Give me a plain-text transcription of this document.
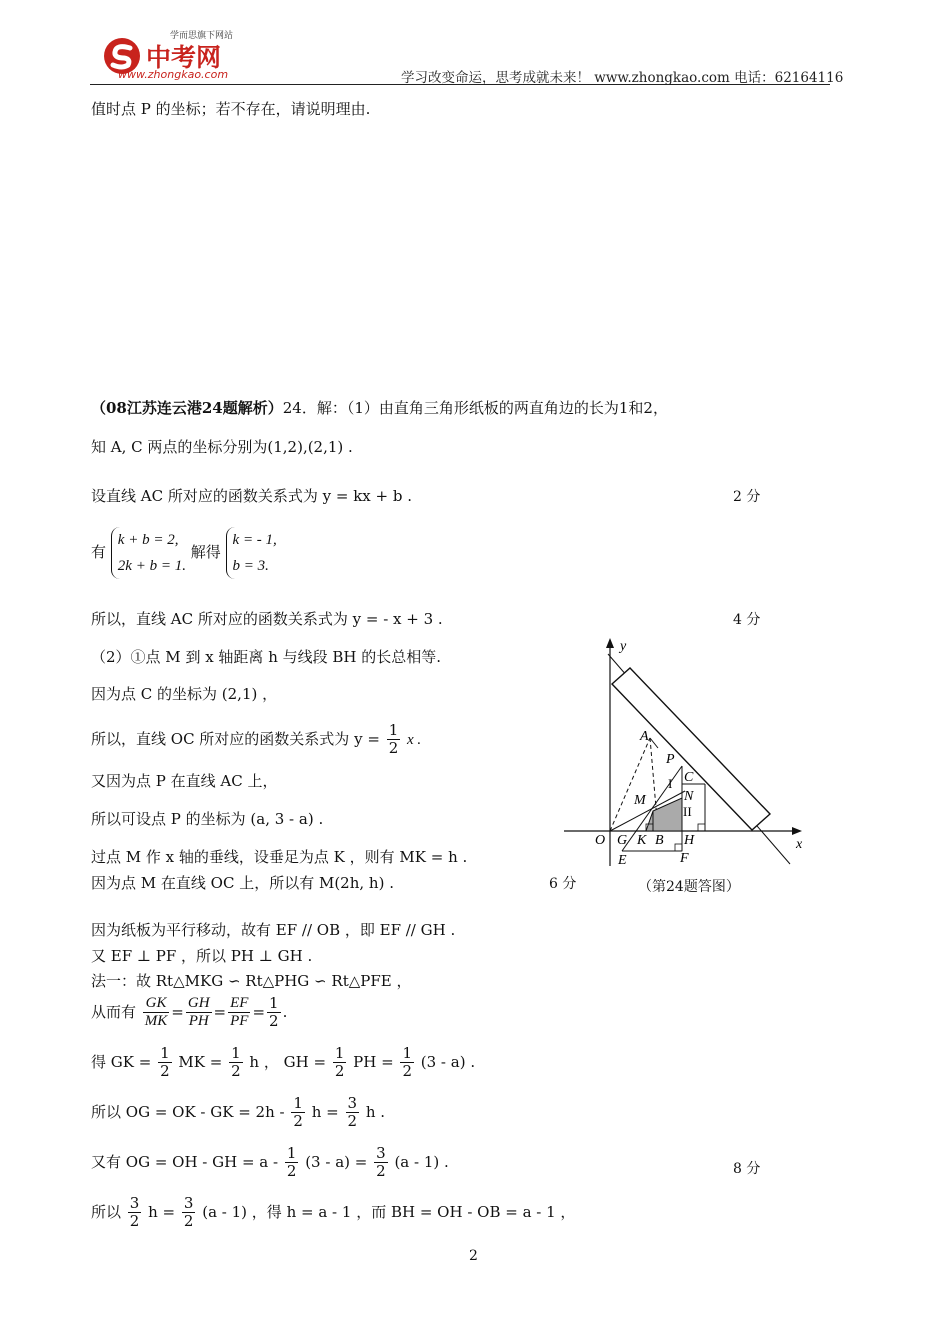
学而思旗下网站
中考网
www.zhongkao.com	学习改变命运，思考成就未来！ www.zhongkao.com 电话：62164116
值时点 P 的坐标；若不存在，请说明理由.
（08江苏连云港24题解析）24．解：（1）由直角三角形纸板的两直角边的长为1和2，
知 A, C 两点的坐标分别为(1,2),(2,1) .
设直线 AC 所对应的函数关系式为 y = kx + b .	2 分
有
k + b = 2,
2k + b = 1.
解得
k = - 1,
b = 3.
所以，直线 AC 所对应的函数关系式为 y = - x + 3 .	4 分
（2）①点 M 到 x 轴距离 h 与线段 BH 的长总相等.
因为点 C 的坐标为 (2,1) ，
所以，直线 OC 所对应的函数关系式为 $y = \frac{1}{2}$ x .
又因为点 P 在直线 AC 上，
所以可设点 P 的坐标为 (a, 3 - a) .
过点 M 作 x 轴的垂线，设垂足为点 K ，则有 MK = h .
因为点 M 在直线 OC 上，所以有 M(2h, h) .	6 分
因为纸板为平行移动，故有 EF // OB ，即 EF // GH .
又 EF ⊥ PF ，所以 PH ⊥ GH .
法一：故 Rt△MKG ∽ Rt△PHG ∽ Rt△PFE ，
从而有 $\frac{GK}{MK} = \frac{GH}{PH} = \frac{EF}{PF} = \frac{1}{2}$ .
得 GK = $\frac{1}{2}$ MK = $\frac{1}{2}$ h ， GH = $\frac{1}{2}$ PH = $\frac{1}{2} (3 - a)$ .
所以 OG = OK - GK = $2h - \frac{1}{2}$ $h = \frac{3}{2}$ h .
又有 OG = OH - GH = $a - \frac{1}{2} (3 - a) = \frac{3}{2} (a - 1)$ .	8 分
所以 $\frac{3}{2}$ $h = \frac{3}{2} (a - 1)$ ，得 h = a - 1 ，而 BH = OH - OB = a - 1 ，
y
x
O
A
P
C
M	N
I
II
G K B H
E	F
（第24题答图）
2
